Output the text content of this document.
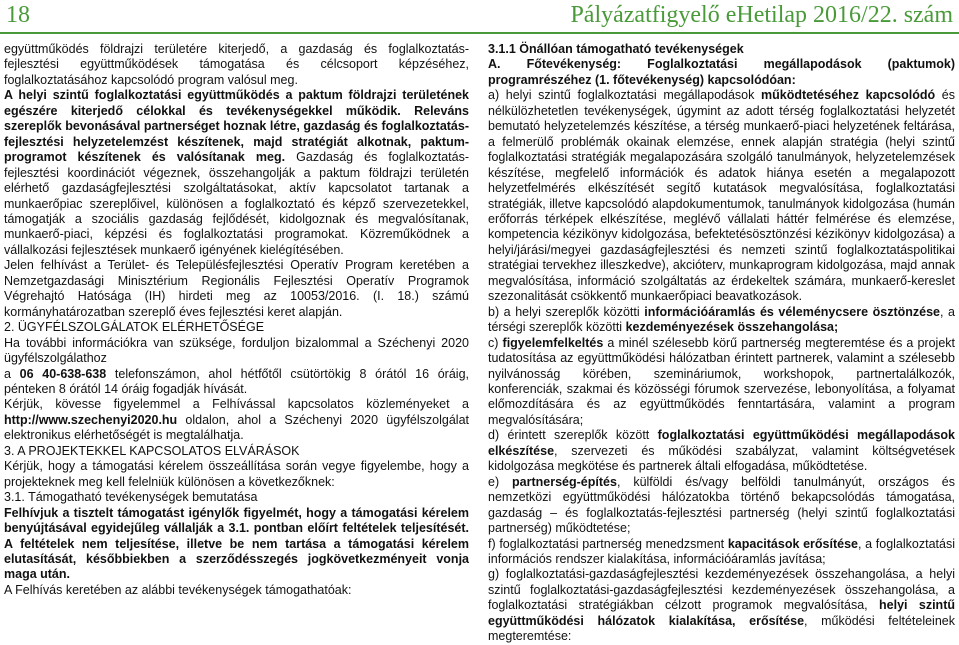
18	Pályázatfigyelő eHetilap 2016/22. szám

együttműködés földrajzi területére kiterjedő, a gazdaság és foglalkoztatás-fejlesztési együttműködések támogatása és célcsoport képzéséhez, foglalkoztatásához kapcsolódó program valósul meg.

A helyi szintű foglalkoztatási együttműködés a paktum földrajzi területének egészére kiterjedő célokkal és tevékenységekkel működik. Releváns szereplők bevonásával partnerséget hoznak létre, gazdaság és foglalkoztatás-fejlesztési helyzetelemzést készítenek, majd stratégiát alkotnak, paktum-programot készítenek és valósítanak meg. Gazdaság és foglalkoztatás-fejlesztési koordinációt végeznek, összehangolják a paktum földrajzi területén elérhető gazdaságfejlesztési szolgáltatásokat, aktív kapcsolatot tartanak a munkaerőpiac szereplőivel, különösen a foglalkoztató és képző szervezetekkel, támogatják a szociális gazdaság fejlődését, kidolgoznak és megvalósítanak, munkaerő-piaci, képzési és foglalkoztatási programokat. Közreműködnek a vállalkozási fejlesztések munkaerő igényének kielégítésében.

Jelen felhívást a Terület- és Településfejlesztési Operatív Program keretében a Nemzetgazdasági Minisztérium Regionális Fejlesztési Operatív Programok Végrehajtó Hatósága (IH) hirdeti meg az 10053/2016. (I. 18.) számú kormányhatározatban szereplő éves fejlesztési keret alapján.

2. ÜGYFÉLSZOLGÁLATOK ELÉRHETŐSÉGE

Ha további információkra van szüksége, forduljon bizalommal a Széchenyi 2020 ügyfélszolgálathoz

a 06 40-638-638 telefonszámon, ahol hétfőtől csütörtökig 8 órától 16 óráig, pénteken 8 órától 14 óráig fogadják hívását.

Kérjük, kövesse figyelemmel a Felhívással kapcsolatos közleményeket a http://www.szechenyi2020.hu oldalon, ahol a Széchenyi 2020 ügyfélszolgálat elektronikus elérhetőségét is megtalálhatja.

3. A PROJEKTEKKEL KAPCSOLATOS ELVÁRÁSOK

Kérjük, hogy a támogatási kérelem összeállítása során vegye figyelembe, hogy a projekteknek meg kell felelniük különösen a következőknek:

3.1. Támogatható tevékenységek bemutatása

Felhívjuk a tisztelt támogatást igénylők figyelmét, hogy a támogatási kérelem benyújtásával egyidejűleg vállalják a 3.1. pontban előírt feltételek teljesítését. A feltételek nem teljesítése, illetve be nem tartása a támogatási kérelem elutasítását, későbbiekben a szerződésszegés jogkövetkezményeit vonja maga után.

A Felhívás keretében az alábbi tevékenységek támogathatóak:

3.1.1 Önállóan támogatható tevékenységek

A. Főtevékenység: Foglalkoztatási megállapodások (paktumok) programrészéhez (1. főtevékenység) kapcsolódóan:

a) helyi szintű foglalkoztatási megállapodások működtetéséhez kapcsolódó és nélkülözhetetlen tevékenységek, úgymint az adott térség foglalkoztatási helyzetét bemutató helyzetelemzés készítése, a térség munkaerő-piaci helyzetének feltárása, a felmerülő problémák okainak elemzése, ennek alapján stratégia (helyi szintű foglalkoztatási stratégiák megalapozására szolgáló tanulmányok, helyzetelemzések készítése, megfelelő információk és adatok hiánya esetén a megalapozott helyzetfelmérés elkészítését segítő kutatások megvalósítása, foglalkoztatási stratégiák, illetve kapcsolódó alapdokumentumok, tanulmányok kidolgozása (humán erőforrás térképek elkészítése, meglévő vállalati háttér felmérése és elemzése, kompetencia kézikönyv kidolgozása, befektetésösztönzési kézikönyv kidolgozása) a helyi/járási/megyei gazdaságfejlesztési és nemzeti szintű foglalkoztatáspolitikai stratégiai tervekhez illeszkedve), akcióterv, munkaprogram kidolgozása, majd annak megvalósítása, információ szolgáltatás az érdekeltek számára, munkaerő-kereslet szezonalitását csökkentő munkaerőpiaci beavatkozások.

b) a helyi szereplők közötti információáramlás és véleménycsere ösztönzése, a térségi szereplők közötti kezdeményezések összehangolása;

c) figyelemfelkeltés a minél szélesebb körű partnerség megteremtése és a projekt tudatosítása az együttműködési hálózatban érintett partnerek, valamint a szélesebb nyilvánosság körében, szemináriumok, workshopok, partnertalálkozók, konferenciák, szakmai és közösségi fórumok szervezése, lebonyolítása, a folyamat előmozdítására és az együttműködés fenntartására, valamint a program megvalósítására;

d) érintett szereplők között foglalkoztatási együttműködési megállapodások elkészítése, szervezeti és működési szabályzat, valamint költségvetések kidolgozása megkötése és partnerek általi elfogadása, működtetése.

e) partnerség-építés, külföldi és/vagy belföldi tanulmányút, országos és nemzetközi együttműködési hálózatokba történő bekapcsolódás támogatása, gazdaság – és foglalkoztatás-fejlesztési partnerség (helyi szintű foglalkoztatási partnerség) működtetése;

f) foglalkoztatási partnerség menedzsment kapacitások erősítése, a foglalkoztatási információs rendszer kialakítása, információáramlás javítása;

g) foglalkoztatási-gazdaságfejlesztési kezdeményezések összehangolása, a helyi szintű foglalkoztatási-gazdaságfejlesztési kezdeményezések összehangolása, a foglalkoztatási stratégiákban célzott programok megvalósítása, helyi szintű együttműködési hálózatok kialakítása, erősítése, működési feltételeinek megteremtése:
